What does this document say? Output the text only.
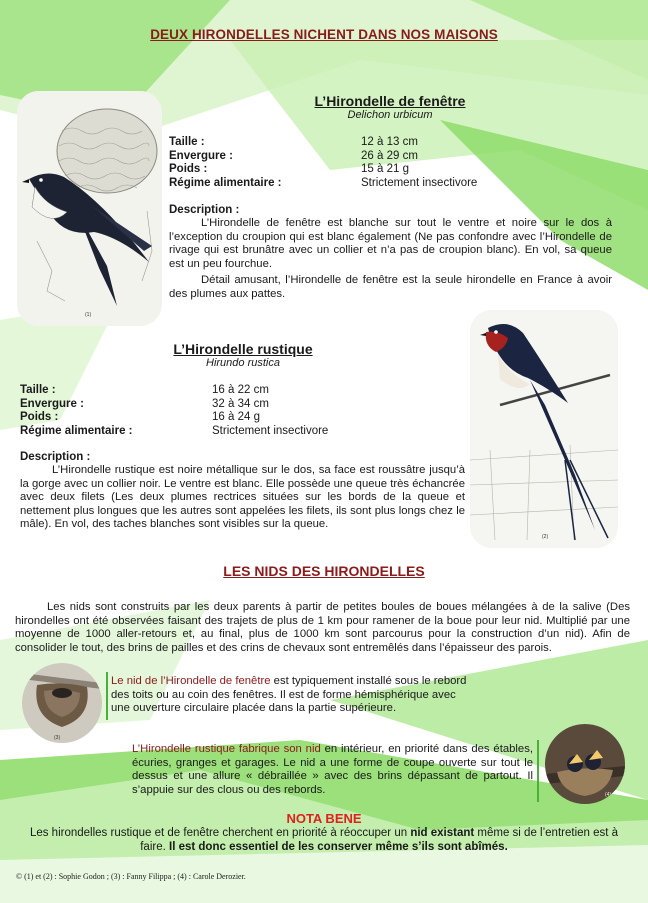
DEUX HIRONDELLES NICHENT DANS NOS MAISONS
(1)
L’Hirondelle de fenêtre
Delichon urbicum
Taille :	12 à 13 cm
Envergure :	26 à 29 cm
Poids :	15 à 21 g
Régime alimentaire :	Strictement insectivore
Description :
L’Hirondelle de fenêtre est blanche sur tout le ventre et noire sur le dos à l’exception du croupion qui est blanc également (Ne pas confondre avec l’Hirondelle de rivage qui est brunâtre avec un collier et n’a pas de croupion blanc). En vol, sa queue est un peu fourchue.
Détail amusant, l’Hirondelle de fenêtre est la seule hirondelle en France à avoir des plumes aux pattes.
(2)
L’Hirondelle rustique
Hirundo rustica
Taille :	16 à 22 cm
Envergure :	32 à 34 cm
Poids :	16 à 24 g
Régime alimentaire :	Strictement insectivore
Description :
L’Hirondelle rustique est noire métallique sur le dos, sa face est roussâtre jusqu’à la gorge avec un collier noir. Le ventre est blanc. Elle possède une queue très échancrée avec deux filets (Les deux plumes rectrices situées sur les bords de la queue et nettement plus longues que les autres sont appelées les filets, ils sont plus longs chez le mâle). En vol, des taches blanches sont visibles sur la queue.
LES NIDS DES HIRONDELLES
Les nids sont construits par les deux parents à partir de petites boules de boues mélangées à de la salive (Des hirondelles ont été observées faisant des trajets de plus de 1 km pour ramener de la boue pour leur nid. Multiplié par une moyenne de 1000 aller-retours et, au final, plus de 1000 km sont parcourus pour la construction d’un nid). Afin de consolider le tout, des brins de pailles et des crins de chevaux sont entremêlés dans l’épaisseur des parois.
(3)
Le nid de l’Hirondelle de fenêtre est typiquement installé sous le rebord des toits ou au coin des fenêtres. Il est de forme hémisphérique avec une ouverture circulaire placée dans la partie supérieure.
L’Hirondelle rustique fabrique son nid en intérieur, en priorité dans des étables, écuries, granges et garages. Le nid a une forme de coupe ouverte sur tout le dessus et une allure « débraillée » avec des brins dépassant de partout. Il s’appuie sur des clous ou des rebords.	(4)
NOTA BENE
Les hirondelles rustique et de fenêtre cherchent en priorité à réoccuper un nid existant même si de l’entretien est à faire. Il est donc essentiel de les conserver même s’ils sont abîmés.
© (1) et (2) : Sophie Godon ; (3) : Fanny Filippa ; (4) : Carole Derozier.
